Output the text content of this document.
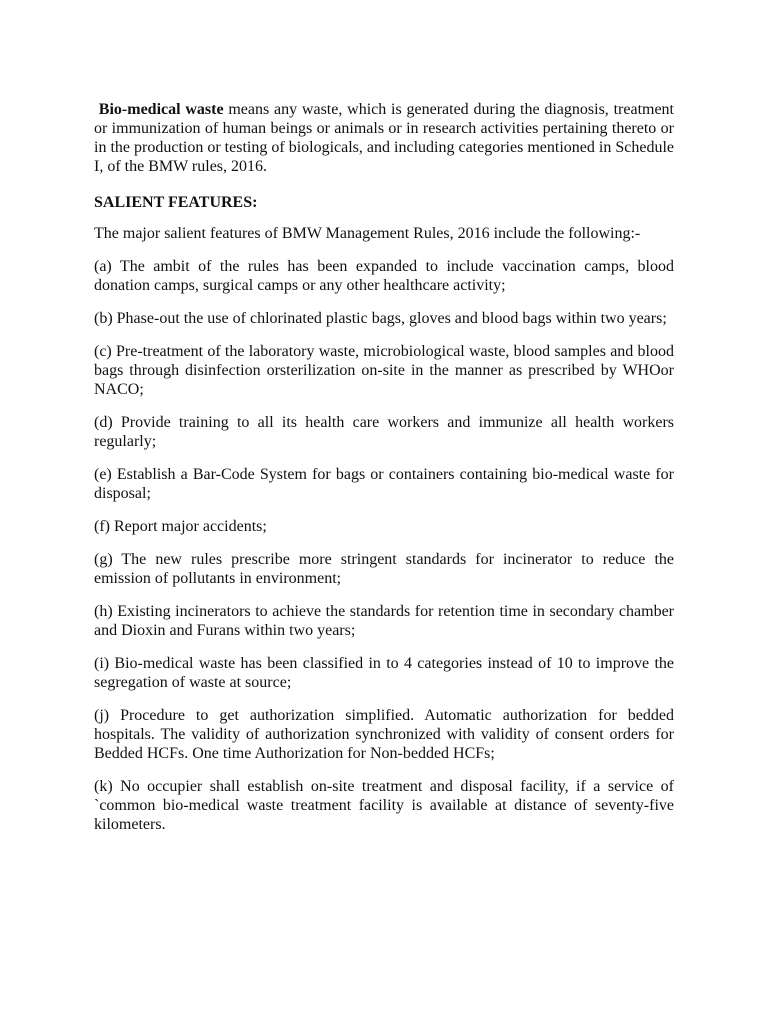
Bio-medical waste means any waste, which is generated during the diagnosis, treatment or immunization of human beings or animals or in research activities pertaining thereto or in the production or testing of biologicals, and including categories mentioned in Schedule I, of the BMW rules, 2016.

SALIENT FEATURES:

The major salient features of BMW Management Rules, 2016 include the following:-

(a) The ambit of the rules has been expanded to include vaccination camps, blood donation camps, surgical camps or any other healthcare activity;

(b) Phase-out the use of chlorinated plastic bags, gloves and blood bags within two years;

(c) Pre-treatment of the laboratory waste, microbiological waste, blood samples and blood bags through disinfection orsterilization on-site in the manner as prescribed by WHOor NACO;

(d) Provide training to all its health care workers and immunize all health workers regularly;

(e) Establish a Bar-Code System for bags or containers containing bio-medical waste for disposal;

(f) Report major accidents;

(g) The new rules prescribe more stringent standards for incinerator to reduce the emission of pollutants in environment;

(h) Existing incinerators to achieve the standards for retention time in secondary chamber and Dioxin and Furans within two years;

(i) Bio-medical waste has been classified in to 4 categories instead of 10 to improve the segregation of waste at source;

(j) Procedure to get authorization simplified. Automatic authorization for bedded hospitals. The validity of authorization synchronized with validity of consent orders for Bedded HCFs. One time Authorization for Non-bedded HCFs;

(k) No occupier shall establish on-site treatment and disposal facility, if a service of `common bio-medical waste treatment facility is available at distance of seventy-five kilometers.
